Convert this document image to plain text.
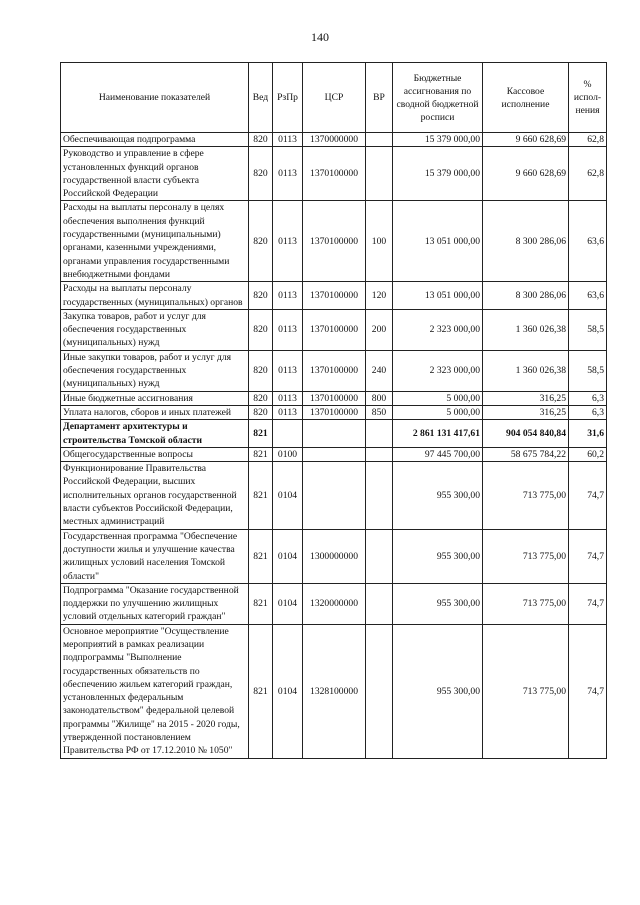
140
Наименование показателей	Вед	РзПр	ЦСР	ВР	Бюджетные ассигнования по сводной бюджетной росписи	Кассовое исполнение	% испол-нения
Обеспечивающая подпрограмма	820	0113	1370000000		15 379 000,00	9 660 628,69	62,8
Руководство и управление в сфере установленных функций органов государственной власти субъекта Российской Федерации	820	0113	1370100000		15 379 000,00	9 660 628,69	62,8
Расходы на выплаты персоналу в целях обеспечения выполнения функций государственными (муниципальными) органами, казенными учреждениями, органами управления государственными внебюджетными фондами	820	0113	1370100000	100	13 051 000,00	8 300 286,06	63,6
Расходы на выплаты персоналу государственных (муниципальных) органов	820	0113	1370100000	120	13 051 000,00	8 300 286,06	63,6
Закупка товаров, работ и услуг для обеспечения государственных (муниципальных) нужд	820	0113	1370100000	200	2 323 000,00	1 360 026,38	58,5
Иные закупки товаров, работ и услуг для обеспечения государственных (муниципальных) нужд	820	0113	1370100000	240	2 323 000,00	1 360 026,38	58,5
Иные бюджетные ассигнования	820	0113	1370100000	800	5 000,00	316,25	6,3
Уплата налогов, сборов и иных платежей	820	0113	1370100000	850	5 000,00	316,25	6,3
Департамент архитектуры и строительства Томской области	821				2 861 131 417,61	904 054 840,84	31,6
Общегосударственные вопросы	821	0100			97 445 700,00	58 675 784,22	60,2
Функционирование Правительства Российской Федерации, высших исполнительных органов государственной власти субъектов Российской Федерации, местных администраций	821	0104			955 300,00	713 775,00	74,7
Государственная программа "Обеспечение доступности жилья и улучшение качества жилищных условий населения Томской области"	821	0104	1300000000		955 300,00	713 775,00	74,7
Подпрограмма "Оказание государственной поддержки по улучшению жилищных условий отдельных категорий граждан"	821	0104	1320000000		955 300,00	713 775,00	74,7
Основное мероприятие "Осуществление мероприятий в рамках реализации подпрограммы "Выполнение государственных обязательств по обеспечению жильем категорий граждан, установленных федеральным законодательством" федеральной целевой программы "Жилище" на 2015 - 2020 годы, утвержденной постановлением Правительства РФ от 17.12.2010 № 1050"	821	0104	1328100000		955 300,00	713 775,00	74,7
